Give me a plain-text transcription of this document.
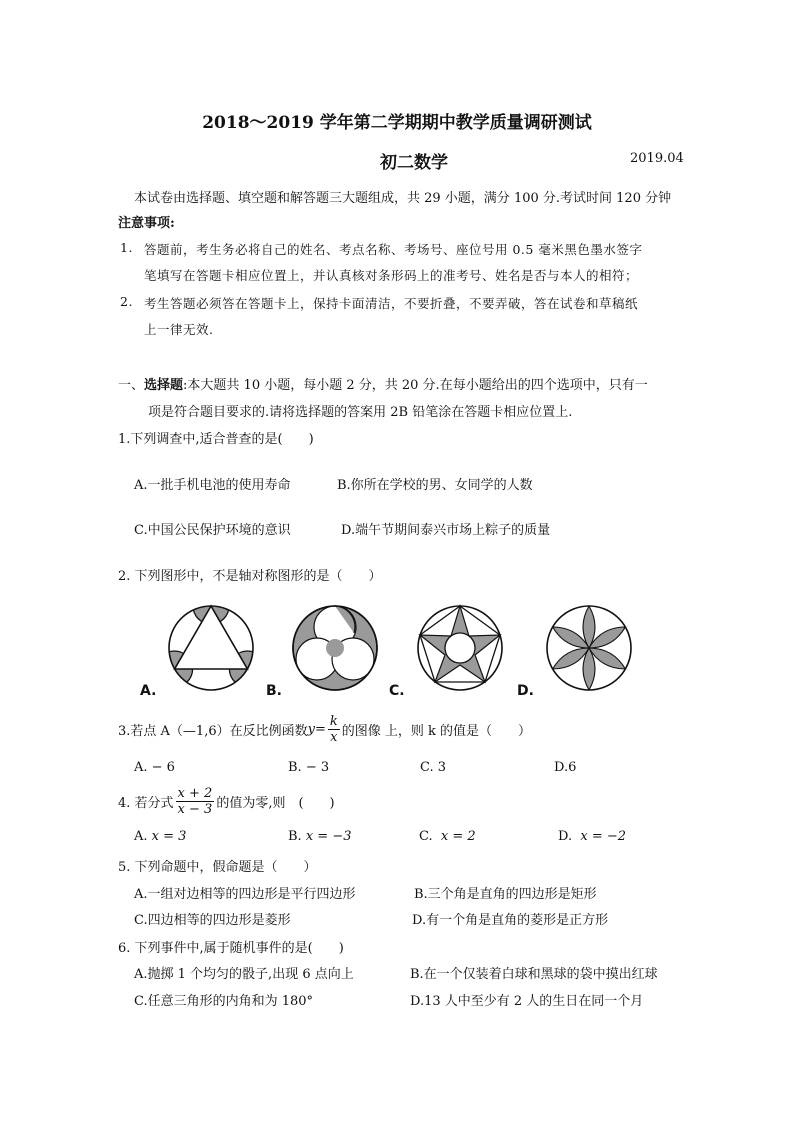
2018～2019 学年第二学期期中教学质量调研测试
初二数学	2019.04
本试卷由选择题、填空题和解答题三大题组成，共 29 小题，满分 100 分.考试时间 120 分钟
注意事项:
1. 答题前，考生务必将自己的姓名、考点名称、考场号、座位号用 0.5 毫米黑色墨水签字
笔填写在答题卡相应位置上，并认真核对条形码上的准考号、姓名是否与本人的相符；
2. 考生答题必须答在答题卡上，保持卡面清洁，不要折叠，不要弄破，答在试卷和草稿纸
上一律无效.
一、选择题:本大题共 10 小题，每小题 2 分，共 20 分.在每小题给出的四个选项中，只有一
项是符合题目要求的.请将选择题的答案用 2B 铅笔涂在答题卡相应位置上.
1.下列调查中,适合普查的是(　　)
A.一批手机电池的使用寿命	B.你所在学校的男、女同学的人数
C.中国公民保护环境的意识	D.端午节期间泰兴市场上粽子的质量
2. 下列图形中，不是轴对称图形的是（　　）
A.	B.	C.	D.
3.若点 A（—1,6）在反比例函数$y= \frac{k}{x}$ 的图像 上，则 k 的值是（　　）
A. − 6	B. − 3	C. 3	D.6
4. 若分式 $\frac{x + 2}{x - 3}$ 的值为零,则　(　　)
A. x = 3	B. x = −3	C. x = 2	D. x = −2
5. 下列命题中，假命题是（　　）
A.一组对边相等的四边形是平行四边形	B.三个角是直角的四边形是矩形
C.四边相等的四边形是菱形	D.有一个角是直角的菱形是正方形
6. 下列事件中,属于随机事件的是(　　)
A.抛掷 1 个均匀的骰子,出现 6 点向上	B.在一个仅装着白球和黑球的袋中摸出红球
C.任意三角形的内角和为 180°	D.13 人中至少有 2 人的生日在同一个月
